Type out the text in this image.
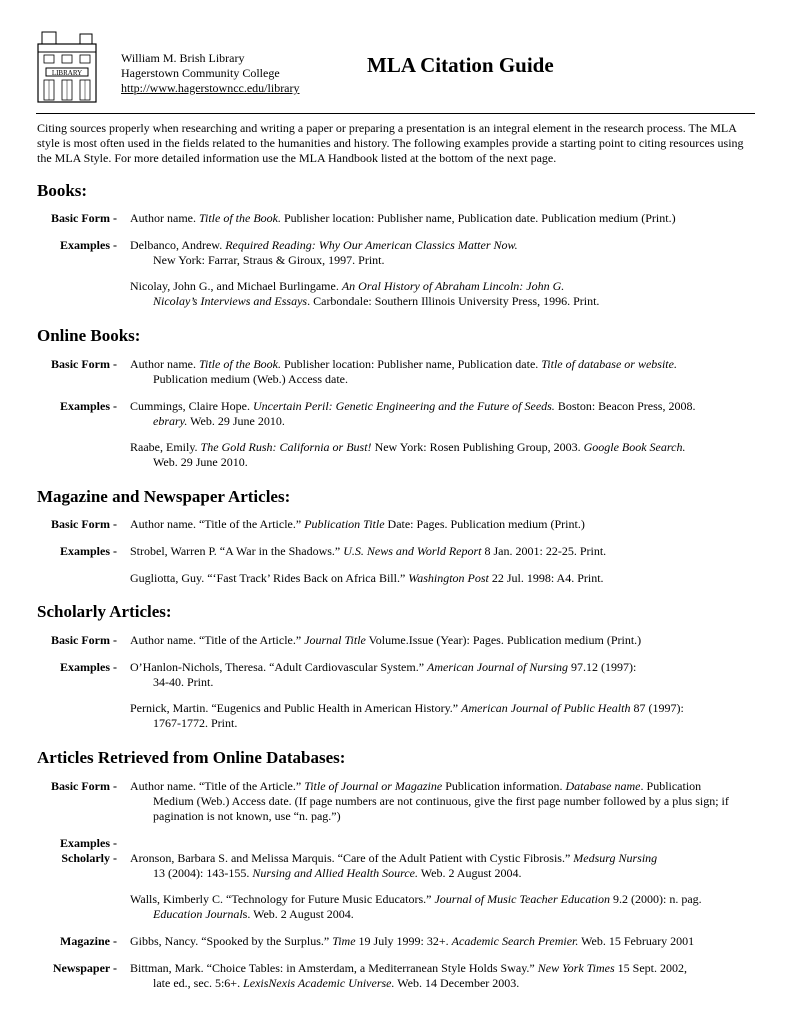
LIBRARY
William M. Brish Library
Hagerstown Community College
http://www.hagerstowncc.edu/library
MLA Citation Guide
Citing sources properly when researching and writing a paper or preparing a presentation is an integral element in the research process. The MLA style is most often used in the fields related to the humanities and history. The following examples provide a starting point to citing resources using the MLA Style. For more detailed information use the MLA Handbook listed at the bottom of the next page.
Books:
Basic Form - Author name. Title of the Book. Publisher location: Publisher name, Publication date. Publication medium (Print.)
Examples - Delbanco, Andrew. Required Reading: Why Our American Classics Matter Now.
New York: Farrar, Straus & Giroux, 1997. Print.
Nicolay, John G., and Michael Burlingame. An Oral History of Abraham Lincoln: John G.
Nicolay’s Interviews and Essays. Carbondale: Southern Illinois University Press, 1996. Print.
Online Books:
Basic Form - Author name. Title of the Book. Publisher location: Publisher name, Publication date. Title of database or website.
Publication medium (Web.) Access date.
Examples - Cummings, Claire Hope. Uncertain Peril: Genetic Engineering and the Future of Seeds. Boston: Beacon Press, 2008.
ebrary. Web. 29 June 2010.
Raabe, Emily. The Gold Rush: California or Bust! New York: Rosen Publishing Group, 2003. Google Book Search.
Web. 29 June 2010.
Magazine and Newspaper Articles:
Basic Form - Author name. “Title of the Article.” Publication Title Date: Pages. Publication medium (Print.)
Examples - Strobel, Warren P. “A War in the Shadows.” U.S. News and World Report 8 Jan. 2001: 22-25. Print.
Gugliotta, Guy. “‘Fast Track’ Rides Back on Africa Bill.” Washington Post 22 Jul. 1998: A4. Print.
Scholarly Articles:
Basic Form - Author name. “Title of the Article.” Journal Title Volume.Issue (Year): Pages. Publication medium (Print.)
Examples - O’Hanlon-Nichols, Theresa. “Adult Cardiovascular System.” American Journal of Nursing 97.12 (1997):
34-40. Print.
Pernick, Martin. “Eugenics and Public Health in American History.” American Journal of Public Health 87 (1997):
1767-1772. Print.
Articles Retrieved from Online Databases:
Basic Form - Author name. “Title of the Article.” Title of Journal or Magazine Publication information. Database name. Publication
Medium (Web.) Access date. (If page numbers are not continuous, give the first page number followed by a plus sign; if pagination is not known, use “n. pag.”)
Examples -
Scholarly - Aronson, Barbara S. and Melissa Marquis. “Care of the Adult Patient with Cystic Fibrosis.” Medsurg Nursing
13 (2004): 143-155. Nursing and Allied Health Source. Web. 2 August 2004.
Walls, Kimberly C. “Technology for Future Music Educators.” Journal of Music Teacher Education 9.2 (2000): n. pag.
Education Journals. Web. 2 August 2004.
Magazine - Gibbs, Nancy. “Spooked by the Surplus.” Time 19 July 1999: 32+. Academic Search Premier. Web. 15 February 2001
Newspaper - Bittman, Mark. “Choice Tables: in Amsterdam, a Mediterranean Style Holds Sway.” New York Times 15 Sept. 2002,
late ed., sec. 5:6+. LexisNexis Academic Universe. Web. 14 December 2003.
